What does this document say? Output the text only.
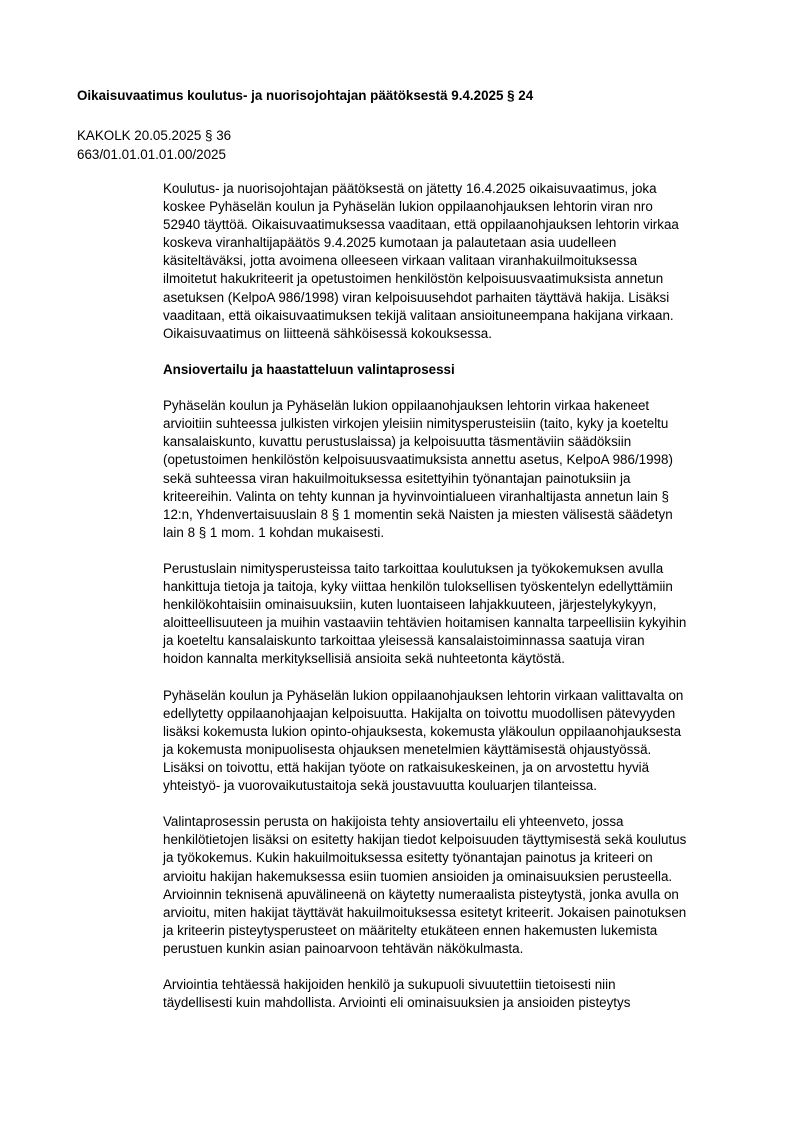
Oikaisuvaatimus koulutus- ja nuorisojohtajan päätöksestä 9.4.2025 § 24
KAKOLK 20.05.2025 § 36
663/01.01.01.01.00/2025
Koulutus- ja nuorisojohtajan päätöksestä on jätetty 16.4.2025 oikaisuvaatimus, joka
koskee Pyhäselän koulun ja Pyhäselän lukion oppilaanohjauksen lehtorin viran nro
52940 täyttöä. Oikaisuvaatimuksessa vaaditaan, että oppilaanohjauksen lehtorin virkaa
koskeva viranhaltijapäätös 9.4.2025 kumotaan ja palautetaan asia uudelleen
käsiteltäväksi, jotta avoimena olleeseen virkaan valitaan viranhakuilmoituksessa
ilmoitetut hakukriteerit ja opetustoimen henkilöstön kelpoisuusvaatimuksista annetun
asetuksen (KelpoA 986/1998) viran kelpoisuusehdot parhaiten täyttävä hakija. Lisäksi
vaaditaan, että oikaisuvaatimuksen tekijä valitaan ansioituneempana hakijana virkaan.
Oikaisuvaatimus on liitteenä sähköisessä kokouksessa.
Ansiovertailu ja haastatteluun valintaprosessi
Pyhäselän koulun ja Pyhäselän lukion oppilaanohjauksen lehtorin virkaa hakeneet
arvioitiin suhteessa julkisten virkojen yleisiin nimitysperusteisiin (taito, kyky ja koeteltu
kansalaiskunto, kuvattu perustuslaissa) ja kelpoisuutta täsmentäviin säädöksiin
(opetustoimen henkilöstön kelpoisuusvaatimuksista annettu asetus, KelpoA 986/1998)
sekä suhteessa viran hakuilmoituksessa esitettyihin työnantajan painotuksiin ja
kriteereihin. Valinta on tehty kunnan ja hyvinvointialueen viranhaltijasta annetun lain §
12:n, Yhdenvertaisuuslain 8 § 1 momentin sekä Naisten ja miesten välisestä säädetyn
lain 8 § 1 mom. 1 kohdan mukaisesti.
Perustuslain nimitysperusteissa taito tarkoittaa koulutuksen ja työkokemuksen avulla
hankittuja tietoja ja taitoja, kyky viittaa henkilön tuloksellisen työskentelyn edellyttämiin
henkilökohtaisiin ominaisuuksiin, kuten luontaiseen lahjakkuuteen, järjestelykykyyn,
aloitteellisuuteen ja muihin vastaaviin tehtävien hoitamisen kannalta tarpeellisiin kykyihin
ja koeteltu kansalaiskunto tarkoittaa yleisessä kansalaistoiminnassa saatuja viran
hoidon kannalta merkityksellisiä ansioita sekä nuhteetonta käytöstä.
Pyhäselän koulun ja Pyhäselän lukion oppilaanohjauksen lehtorin virkaan valittavalta on
edellytetty oppilaanohjaajan kelpoisuutta. Hakijalta on toivottu muodollisen pätevyyden
lisäksi kokemusta lukion opinto-ohjauksesta, kokemusta yläkoulun oppilaanohjauksesta
ja kokemusta monipuolisesta ohjauksen menetelmien käyttämisestä ohjaustyössä.
Lisäksi on toivottu, että hakijan työote on ratkaisukeskeinen, ja on arvostettu hyviä
yhteistyö- ja vuorovaikutustaitoja sekä joustavuutta kouluarjen tilanteissa.
Valintaprosessin perusta on hakijoista tehty ansiovertailu eli yhteenveto, jossa
henkilötietojen lisäksi on esitetty hakijan tiedot kelpoisuuden täyttymisestä sekä koulutus
ja työkokemus. Kukin hakuilmoituksessa esitetty työnantajan painotus ja kriteeri on
arvioitu hakijan hakemuksessa esiin tuomien ansioiden ja ominaisuuksien perusteella.
Arvioinnin teknisenä apuvälineenä on käytetty numeraalista pisteytystä, jonka avulla on
arvioitu, miten hakijat täyttävät hakuilmoituksessa esitetyt kriteerit. Jokaisen painotuksen
ja kriteerin pisteytysperusteet on määritelty etukäteen ennen hakemusten lukemista
perustuen kunkin asian painoarvoon tehtävän näkökulmasta.
Arviointia tehtäessä hakijoiden henkilö ja sukupuoli sivuutettiin tietoisesti niin
täydellisesti kuin mahdollista. Arviointi eli ominaisuuksien ja ansioiden pisteytys
